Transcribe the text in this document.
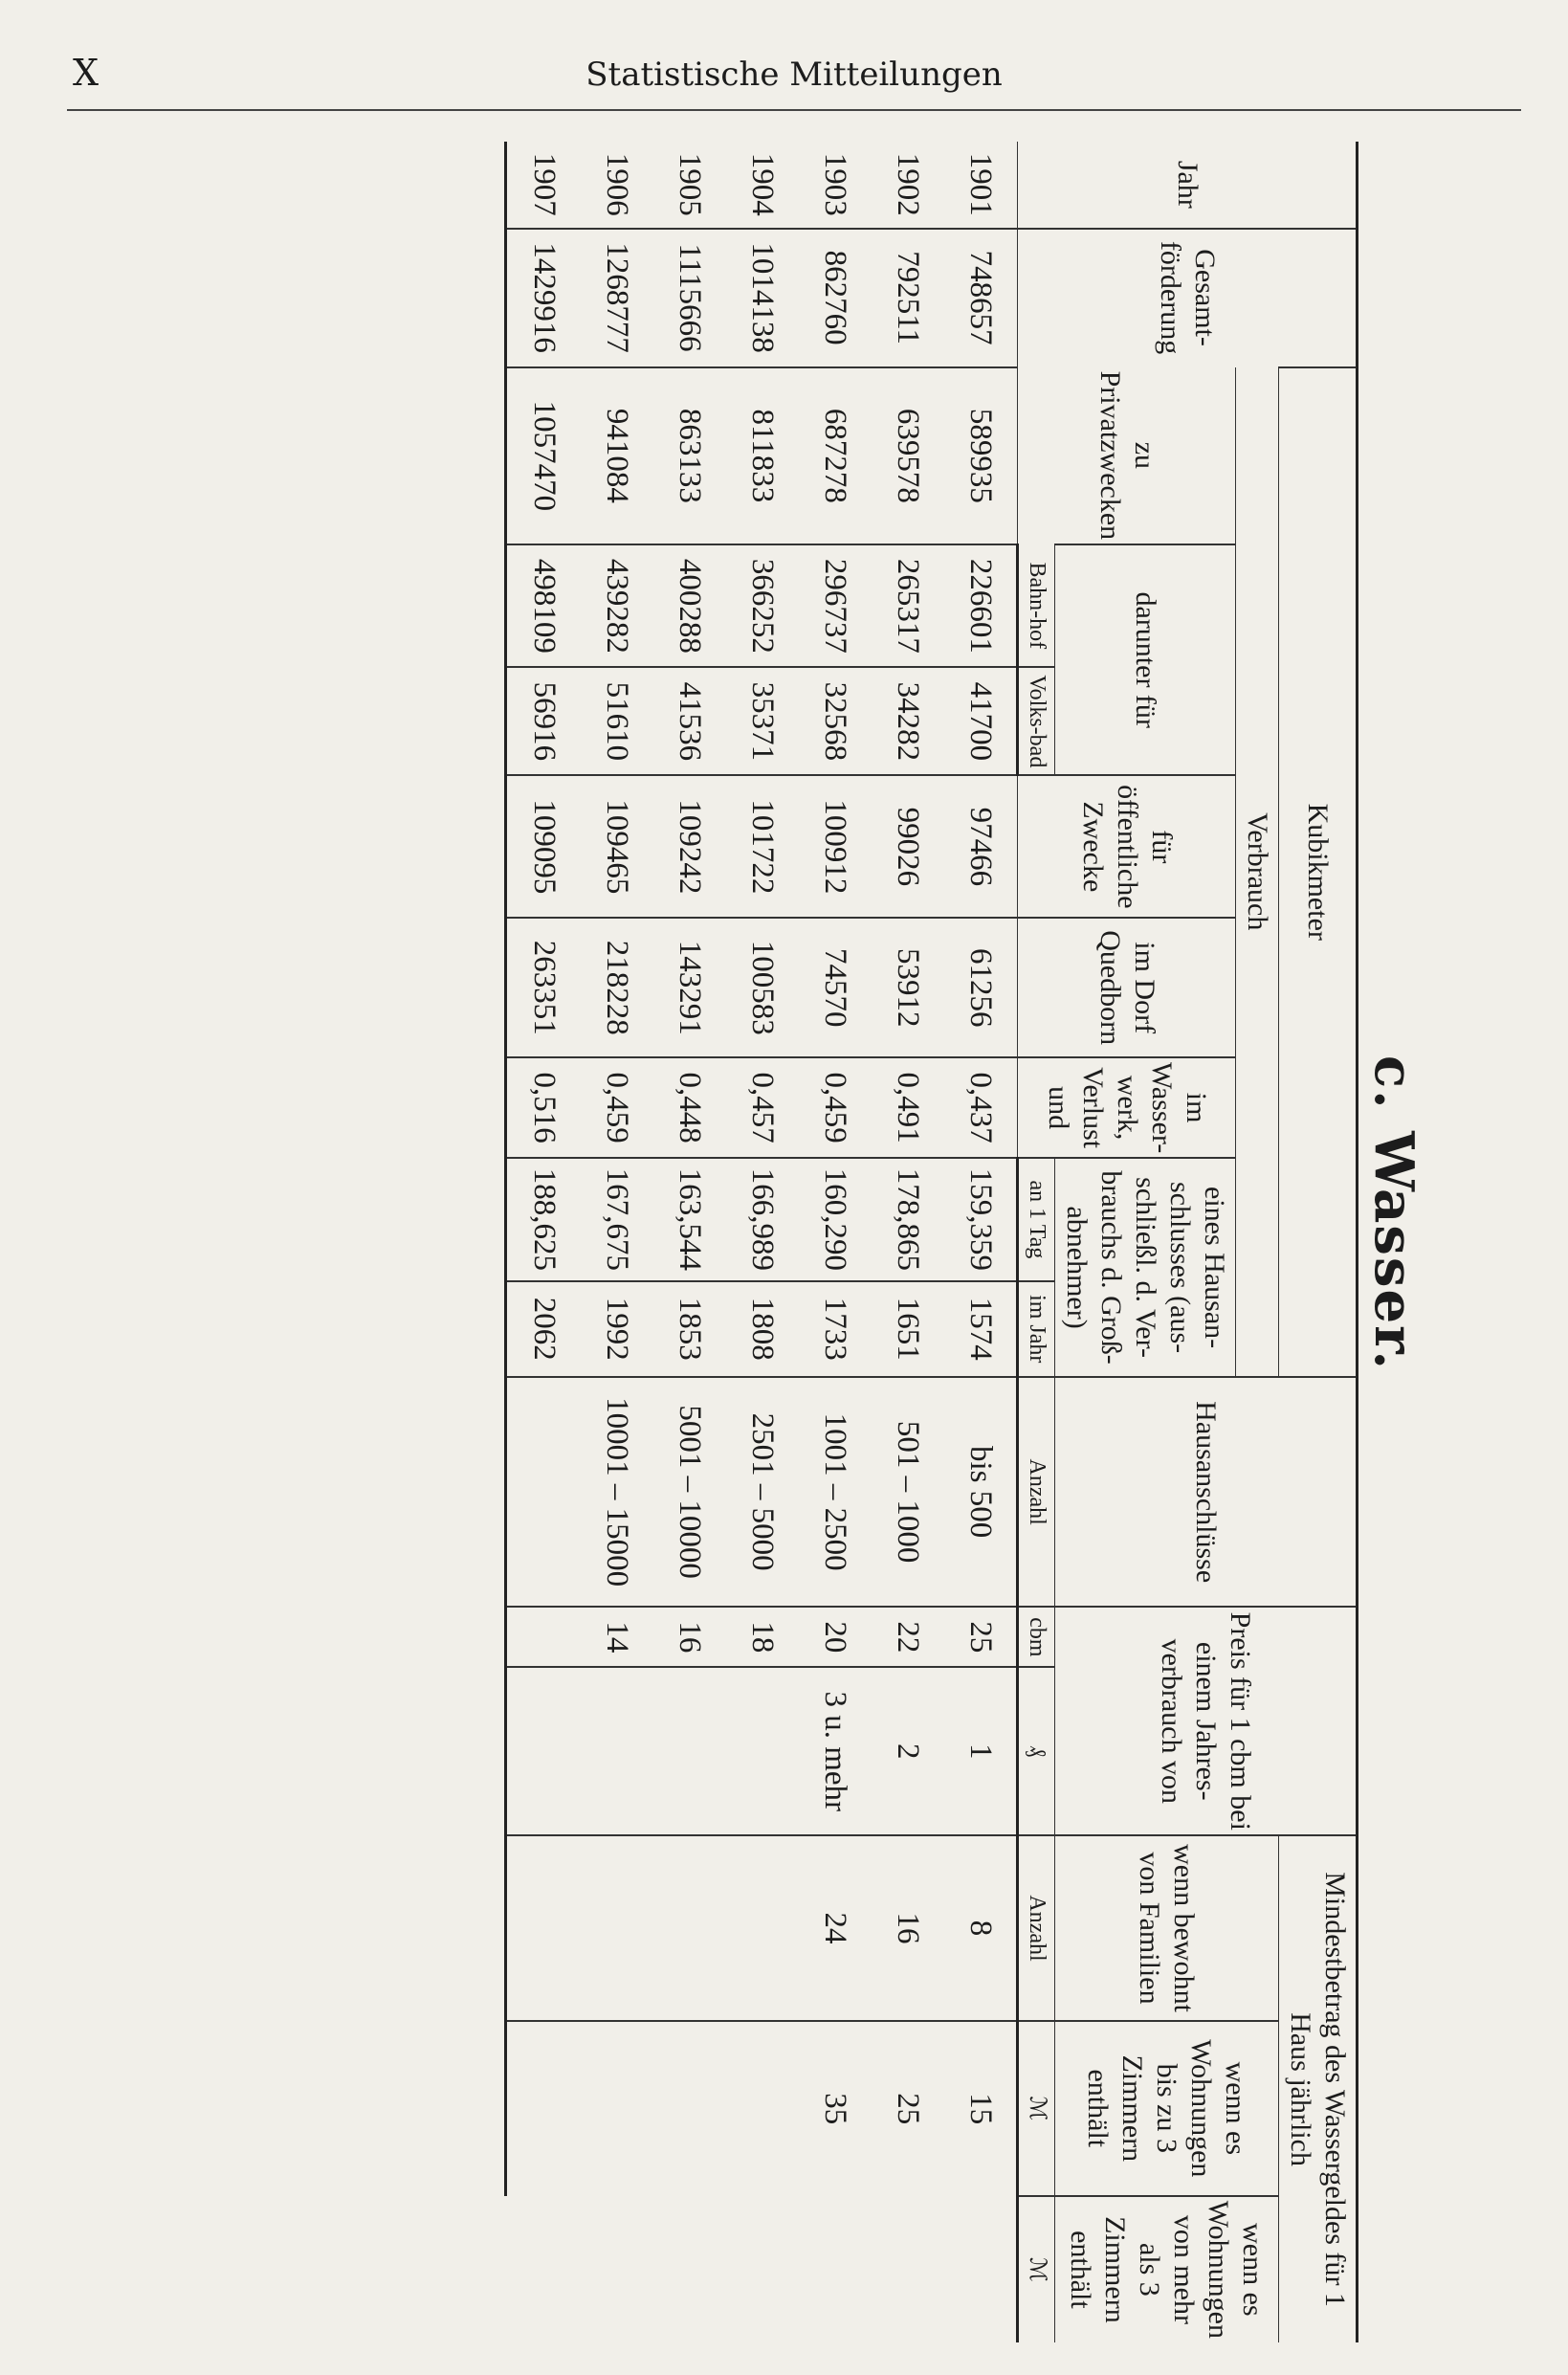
X	Statistische Mitteilungen
c. Wasser.
Jahr	Gesamt-förderung	Kubikmeter								Hausanschlüsse	Preis für 1 cbm bei einem Jahres-verbrauch von		Mindestbetrag des Wassergeldes für 1 Haus jährlich		
		Verbrauch											wenn bewohnt von Familien	wenn es Wohnungen bis zu 3 Zimmern enthält	wenn es Wohnungen von mehr als 3 Zimmern enthält
		zu Privatzwecken	darunter für		für öffentliche Zwecke	im Dorf Quedborn	im Wasser-werk, Verlust und	eines Hausan-schlusses (aus-schließl. d. Ver-brauchs d. Groß-abnehmer)							
			Bahn-hof	Volks-bad				an 1 Tag	im Jahr	Anzahl	cbm	₰	Anzahl	ℳ	ℳ
1901	748657	589935	226601	41700	97466	61256	0,437	159,359	1574	bis 500	25	1	8	15	
1902	792511	639578	265317	34282	99026	53912	0,491	178,865	1651	501 – 1000	22	2	16	25	
1903	862760	687278	296737	32568	100912	74570	0,459	160,290	1733	1001 – 2500	20	3 u. mehr	24	35	
1904	1014138	811833	366252	35371	101722	100583	0,457	166,989	1808	2501 – 5000	18				
1905	1115666	863133	400288	41536	109242	143291	0,448	163,544	1853	5001 – 10000	16				
1906	1268777	941084	439282	51610	109465	218228	0,459	167,675	1992	10001 – 15000	14				
1907	1429916	1057470	498109	56916	109095	263351	0,516	188,625	2062						
